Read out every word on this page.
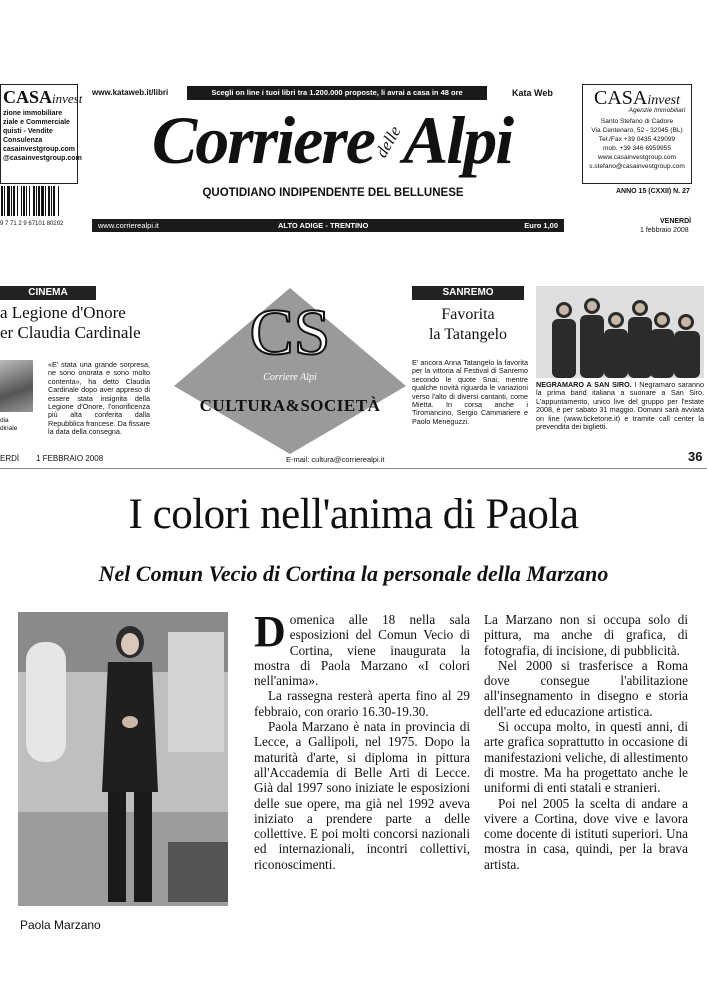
www.kataweb.it/libri	Scegli on line i tuoi libri tra 1.200.000 proposte, li avrai a casa in 48 ore	Kata Web
CASAinvest
zione immobiliare
ziale e Commerciale
quisti - Vendite
Consulenza
casainvestgroup.com
@casainvestgroup.com
CASAinvest
Agenzie Immobiliari
Santo Stefano di Cadore
Via Centenaro, 52 - 32045 (BL)
Tel./Fax +39 0435 429099
mob. +39 346 6959955
www.casainvestgroup.com
s.stefano@casainvestgroup.com
Corriere delle Alpi
QUOTIDIANO INDIPENDENTE DEL BELLUNESE
9 7 71 2 9 67101 80202
ANNO 15 (CXXII) N. 27
VENERDÌ
1 febbraio 2008
www.corrierealpi.it	ALTO ADIGE - TRENTINO	Euro 1,00
CINEMA
a Legione d'Onore
er Claudia Cardinale
dia
dinale
«E' stata una grande sorpresa, ne sono onorata e sono molto contenta», ha detto Claudia Cardinale dopo aver appreso di essere stata insignita della Legione d'Onore, l'onorificenza più alta conferita dalla Repubblica francese. Da fissare la data della consegna.
CS
Corriere Alpi
CULTURA&SOCIETÀ
SANREMO
Favorita
la Tatangelo
E' ancora Anna Tatangelo la favorita per la vittoria al Festival di Sanremo secondo le quote Snai, mentre qualche novità riguarda le variazioni verso l'alto di diversi cantanti, come Mietta. In corsa anche i Tiromancino, Sergio Cammariere e Paolo Meneguzzi.
NEGRAMARO A SAN SIRO. I Negramaro saranno la prima band italiana a suonare a San Siro. L'appuntamento, unico live del gruppo per l'estate 2008, è per sabato 31 maggio. Domani sarà avviata on line (www.ticketone.it) e tramite call center la prevendita dei biglietti.
ERDÌ 1 FEBBRAIO 2008	E-mail: cultura@corrierealpi.it	36
I colori nell'anima di Paola
Nel Comun Vecio di Cortina la personale della Marzano
Paola Marzano
D omenica alle 18 nella sala esposizioni del Comun Vecio di Cortina, viene inaugurata la mostra di Paola Marzano «I colori nell'anima».

La rassegna resterà aperta fino al 29 febbraio, con orario 16.30-19.30.

Paola Marzano è nata in provincia di Lecce, a Gallipoli, nel 1975. Dopo la maturità d'arte, si diploma in pittura all'Accademia di Belle Arti di Lecce. Già dal 1997 sono iniziate le esposizioni delle sue opere, ma già nel 1992 aveva iniziato a prendere parte a delle collettive. E poi molti concorsi nazionali ed internazionali, incontri collettivi, riconoscimenti.

La Marzano non si occupa solo di pittura, ma anche di grafica, di fotografia, di incisione, di pubblicità.

Nel 2000 si trasferisce a Roma dove consegue l'abilitazione all'insegnamento in disegno e storia dell'arte ed educazione artistica.

Si occupa molto, in questi anni, di arte grafica soprattutto in occasione di manifestazioni veliche, di allestimento di mostre. Ma ha progettato anche le uniformi di enti statali e stranieri.

Poi nel 2005 la scelta di andare a vivere a Cortina, dove vive e lavora come docente di istituti superiori. Una mostra in casa, quindi, per la brava artista.
